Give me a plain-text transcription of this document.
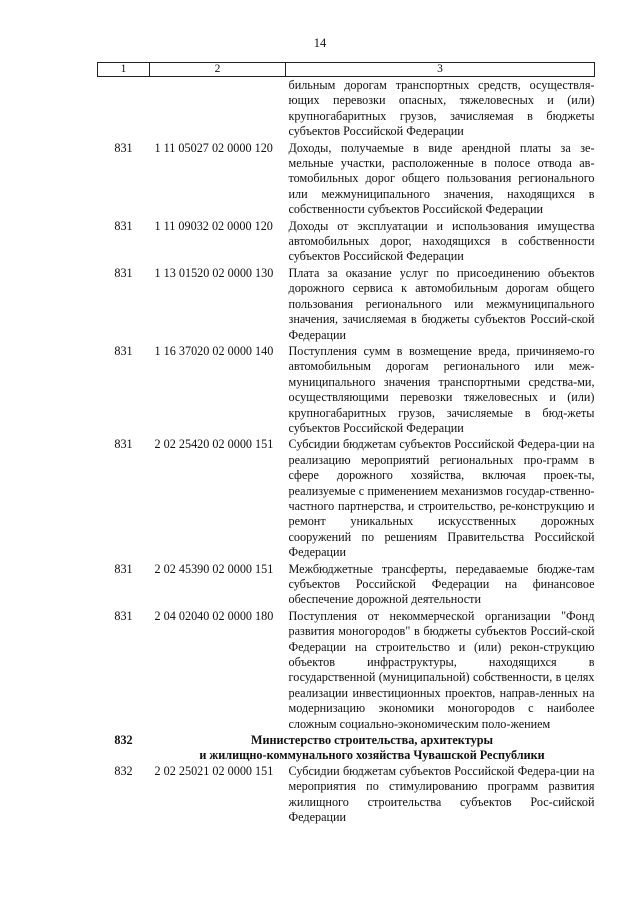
14
1	2	3
		бильным дорогам транспортных средств, осуществля-ющих перевозки опасных, тяжеловесных и (или) крупногабаритных грузов, зачисляемая в бюджеты субъектов Российской Федерации
831	1 11 05027 02 0000 120	Доходы, получаемые в виде арендной платы за зе-мельные участки, расположенные в полосе отвода ав-томобильных дорог общего пользования регионального или межмуниципального значения, находящихся в собственности субъектов Российской Федерации
831	1 11 09032 02 0000 120	Доходы от эксплуатации и использования имущества автомобильных дорог, находящихся в собственности субъектов Российской Федерации
831	1 13 01520 02 0000 130	Плата за оказание услуг по присоединению объектов дорожного сервиса к автомобильным дорогам общего пользования регионального или межмуниципального значения, зачисляемая в бюджеты субъектов Россий-ской Федерации
831	1 16 37020 02 0000 140	Поступления сумм в возмещение вреда, причиняемо-го автомобильным дорогам регионального или меж-муниципального значения транспортными средства-ми, осуществляющими перевозки тяжеловесных и (или) крупногабаритных грузов, зачисляемые в бюд-жеты субъектов Российской Федерации
831	2 02 25420 02 0000 151	Субсидии бюджетам субъектов Российской Федера-ции на реализацию мероприятий региональных про-грамм в сфере дорожного хозяйства, включая проек-ты, реализуемые с применением механизмов государ-ственно-частного партнерства, и строительство, ре-конструкцию и ремонт уникальных искусственных дорожных сооружений по решениям Правительства Российской Федерации
831	2 02 45390 02 0000 151	Межбюджетные трансферты, передаваемые бюдже-там субъектов Российской Федерации на финансовое обеспечение дорожной деятельности
831	2 04 02040 02 0000 180	Поступления от некоммерческой организации "Фонд развития моногородов" в бюджеты субъектов Россий-ской Федерации на строительство и (или) рекон-струкцию объектов инфраструктуры, находящихся в государственной (муниципальной) собственности, в целях реализации инвестиционных проектов, направ-ленных на модернизацию экономики моногородов с наиболее сложным социально-экономическим поло-жением
832	Министерство строительства, архитектуры
и жилищно-коммунального хозяйства Чувашской Республики	

832	2 02 25021 02 0000 151	Субсидии бюджетам субъектов Российской Федера-ции на мероприятия по стимулированию программ развития жилищного строительства субъектов Рос-сийской Федерации
